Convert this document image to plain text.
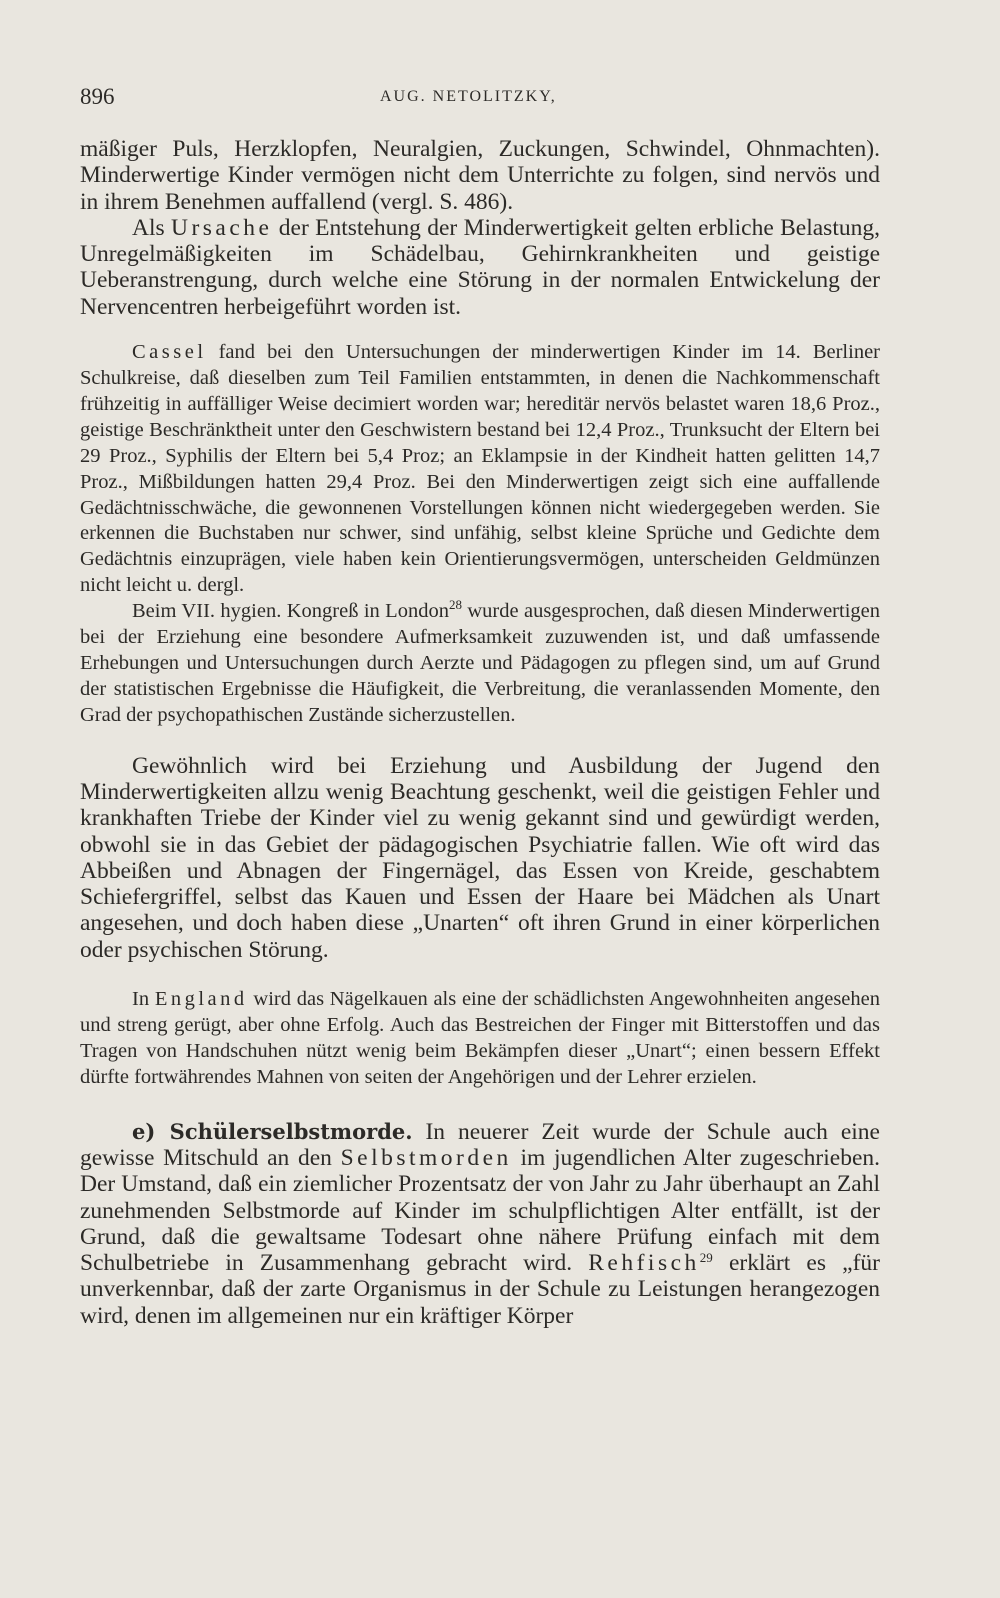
896	AUG. NETOLITZKY,

mäßiger Puls, Herzklopfen, Neuralgien, Zuckungen, Schwindel, Ohnmachten). Minderwertige Kinder vermögen nicht dem Unterrichte zu folgen, sind nervös und in ihrem Benehmen auffallend (vergl. S. 486).

Als Ursache der Entstehung der Minderwertigkeit gelten erbliche Belastung, Unregelmäßigkeiten im Schädelbau, Gehirnkrankheiten und geistige Ueberanstrengung, durch welche eine Störung in der normalen Entwickelung der Nervencentren herbeigeführt worden ist.

Cassel fand bei den Untersuchungen der minderwertigen Kinder im 14. Berliner Schulkreise, daß dieselben zum Teil Familien entstammten, in denen die Nachkommenschaft frühzeitig in auffälliger Weise decimiert worden war; hereditär nervös belastet waren 18,6 Proz., geistige Beschränktheit unter den Geschwistern bestand bei 12,4 Proz., Trunksucht der Eltern bei 29 Proz., Syphilis der Eltern bei 5,4 Proz; an Eklampsie in der Kindheit hatten gelitten 14,7 Proz., Mißbildungen hatten 29,4 Proz. Bei den Minderwertigen zeigt sich eine auffallende Gedächtnisschwäche, die gewonnenen Vorstellungen können nicht wiedergegeben werden. Sie erkennen die Buchstaben nur schwer, sind unfähig, selbst kleine Sprüche und Gedichte dem Gedächtnis einzuprägen, viele haben kein Orientierungsvermögen, unterscheiden Geldmünzen nicht leicht u. dergl.

Beim VII. hygien. Kongreß in London$^{28}$ wurde ausgesprochen, daß diesen Minderwertigen bei der Erziehung eine besondere Aufmerksamkeit zuzuwenden ist, und daß umfassende Erhebungen und Untersuchungen durch Aerzte und Pädagogen zu pflegen sind, um auf Grund der statistischen Ergebnisse die Häufigkeit, die Verbreitung, die veranlassenden Momente, den Grad der psychopathischen Zustände sicherzustellen.

Gewöhnlich wird bei Erziehung und Ausbildung der Jugend den Minderwertigkeiten allzu wenig Beachtung geschenkt, weil die geistigen Fehler und krankhaften Triebe der Kinder viel zu wenig gekannt sind und gewürdigt werden, obwohl sie in das Gebiet der pädagogischen Psychiatrie fallen. Wie oft wird das Abbeißen und Abnagen der Fingernägel, das Essen von Kreide, geschabtem Schiefergriffel, selbst das Kauen und Essen der Haare bei Mädchen als Unart angesehen, und doch haben diese „Unarten“ oft ihren Grund in einer körperlichen oder psychischen Störung.

In England wird das Nägelkauen als eine der schädlichsten Angewohnheiten angesehen und streng gerügt, aber ohne Erfolg. Auch das Bestreichen der Finger mit Bitterstoffen und das Tragen von Handschuhen nützt wenig beim Bekämpfen dieser „Unart“; einen bessern Effekt dürfte fortwährendes Mahnen von seiten der Angehörigen und der Lehrer erzielen.

e) Schülerselbstmorde. In neuerer Zeit wurde der Schule auch eine gewisse Mitschuld an den Selbstmorden im jugendlichen Alter zugeschrieben. Der Umstand, daß ein ziemlicher Prozentsatz der von Jahr zu Jahr überhaupt an Zahl zunehmenden Selbstmorde auf Kinder im schulpflichtigen Alter entfällt, ist der Grund, daß die gewaltsame Todesart ohne nähere Prüfung einfach mit dem Schulbetriebe in Zusammenhang gebracht wird. Rehfisch$^{29}$ erklärt es „für unverkennbar, daß der zarte Organismus in der Schule zu Leistungen herangezogen wird, denen im allgemeinen nur ein kräftiger Körper
